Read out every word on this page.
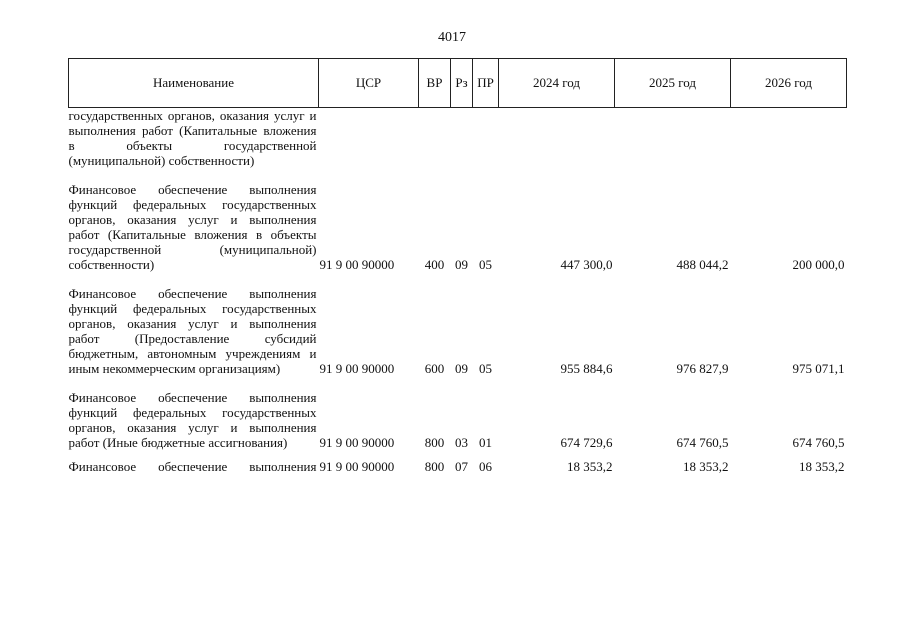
4017
Наименование	ЦСР	ВР	Рз	ПР	2024 год	2025 год	2026 год
государственных органов, оказания услуг и выполнения работ (Капитальные вложения в объекты государственной (муниципальной) собственности)							

Финансовое обеспечение выполнения функций федеральных государственных органов, оказания услуг и выполнения работ (Капитальные вложения в объекты государственной (муниципальной) собственности)	91 9 00 90000	400	09	05	447 300,0	488 044,2	200 000,0

Финансовое обеспечение выполнения функций федеральных государственных органов, оказания услуг и выполнения работ (Предоставление субсидий бюджетным, автономным учреждениям и иным некоммерческим организациям)	91 9 00 90000	600	09	05	955 884,6	976 827,9	975 071,1

Финансовое обеспечение выполнения функций федеральных государственных органов, оказания услуг и выполнения работ (Иные бюджетные ассигнования)	91 9 00 90000	800	03	01	674 729,6	674 760,5	674 760,5

Финансовое обеспечение выполнения	91 9 00 90000	800	07	06	18 353,2	18 353,2	18 353,2
